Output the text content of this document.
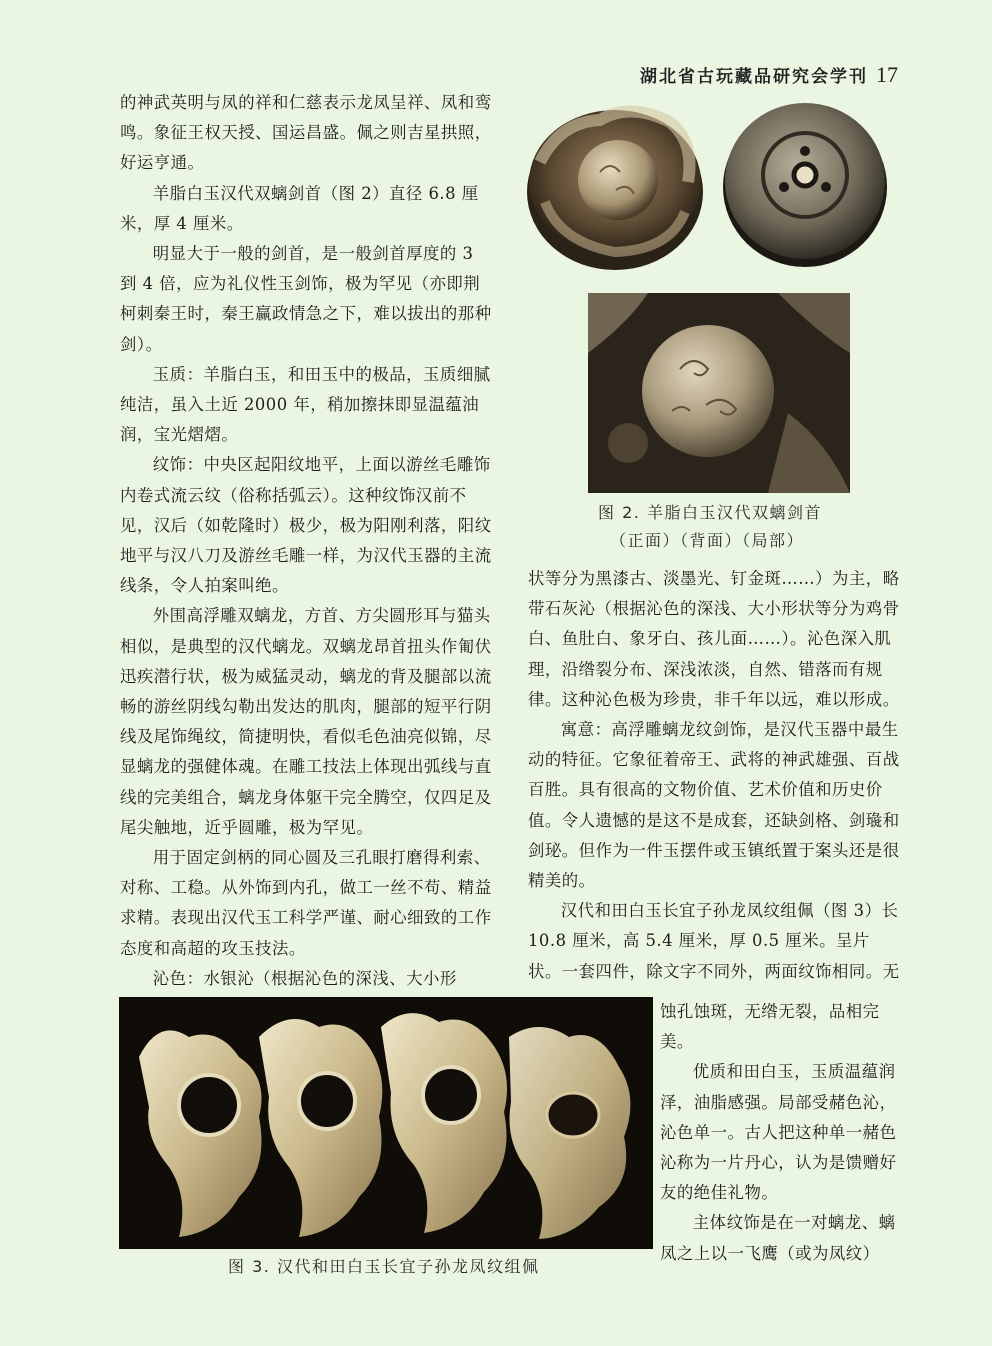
湖北省古玩藏品研究会学刊 17

的神武英明与凤的祥和仁慈表示龙凤呈祥、凤和鸾鸣。象征王权天授、国运昌盛。佩之则吉星拱照，好运亨通。

羊脂白玉汉代双螭剑首（图 2）直径 6.8 厘米，厚 4 厘米。

明显大于一般的剑首，是一般剑首厚度的 3 到 4 倍，应为礼仪性玉剑饰，极为罕见（亦即荆柯刺秦王时，秦王赢政情急之下，难以拔出的那种剑）。

玉质：羊脂白玉，和田玉中的极品，玉质细腻纯洁，虽入土近 2000 年，稍加擦抹即显温蕴油润，宝光熠熠。

纹饰：中央区起阳纹地平，上面以游丝毛雕饰内卷式流云纹（俗称括弧云）。这种纹饰汉前不见，汉后（如乾隆时）极少，极为阳刚利落，阳纹地平与汉八刀及游丝毛雕一样，为汉代玉器的主流线条，令人拍案叫绝。

外围高浮雕双螭龙，方首、方尖圆形耳与猫头相似，是典型的汉代螭龙。双螭龙昂首扭头作匍伏迅疾潜行状，极为威猛灵动，螭龙的背及腿部以流畅的游丝阴线勾勒出发达的肌肉，腿部的短平行阴线及尾饰绳纹，简捷明快，看似毛色油亮似锦，尽显螭龙的强健体魂。在雕工技法上体现出弧线与直线的完美组合，螭龙身体躯干完全腾空，仅四足及尾尖触地，近乎圆雕，极为罕见。

用于固定剑柄的同心圆及三孔眼打磨得利索、对称、工稳。从外饰到内孔，做工一丝不苟、精益求精。表现出汉代玉工科学严谨、耐心细致的工作态度和高超的攻玉技法。

沁色：水银沁（根据沁色的深浅、大小形

状等分为黑漆古、淡墨光、钉金斑……）为主，略带石灰沁（根据沁色的深浅、大小形状等分为鸡骨白、鱼肚白、象牙白、孩儿面……）。沁色深入肌理，沿绺裂分布、深浅浓淡，自然、错落而有规律。这种沁色极为珍贵，非千年以远，难以形成。

寓意：高浮雕螭龙纹剑饰，是汉代玉器中最生动的特征。它象征着帝王、武将的神武雄强、百战百胜。具有很高的文物价值、艺术价值和历史价值。令人遗憾的是这不是成套，还缺剑格、剑璏和剑珌。但作为一件玉摆件或玉镇纸置于案头还是很精美的。

汉代和田白玉长宜子孙龙凤纹组佩（图 3）长 10.8 厘米，高 5.4 厘米，厚 0.5 厘米。呈片状。一套四件，除文字不同外，两面纹饰相同。无

蚀孔蚀斑，无绺无裂，品相完美。

优质和田白玉，玉质温蕴润泽，油脂感强。局部受赭色沁，沁色单一。古人把这种单一赭色沁称为一片丹心，认为是馈赠好友的绝佳礼物。

主体纹饰是在一对螭龙、螭凤之上以一飞鹰（或为凤纹）

图 2. 羊脂白玉汉代双螭剑首
（正面）（背面）（局部）
图 3. 汉代和田白玉长宜子孙龙凤纹组佩
